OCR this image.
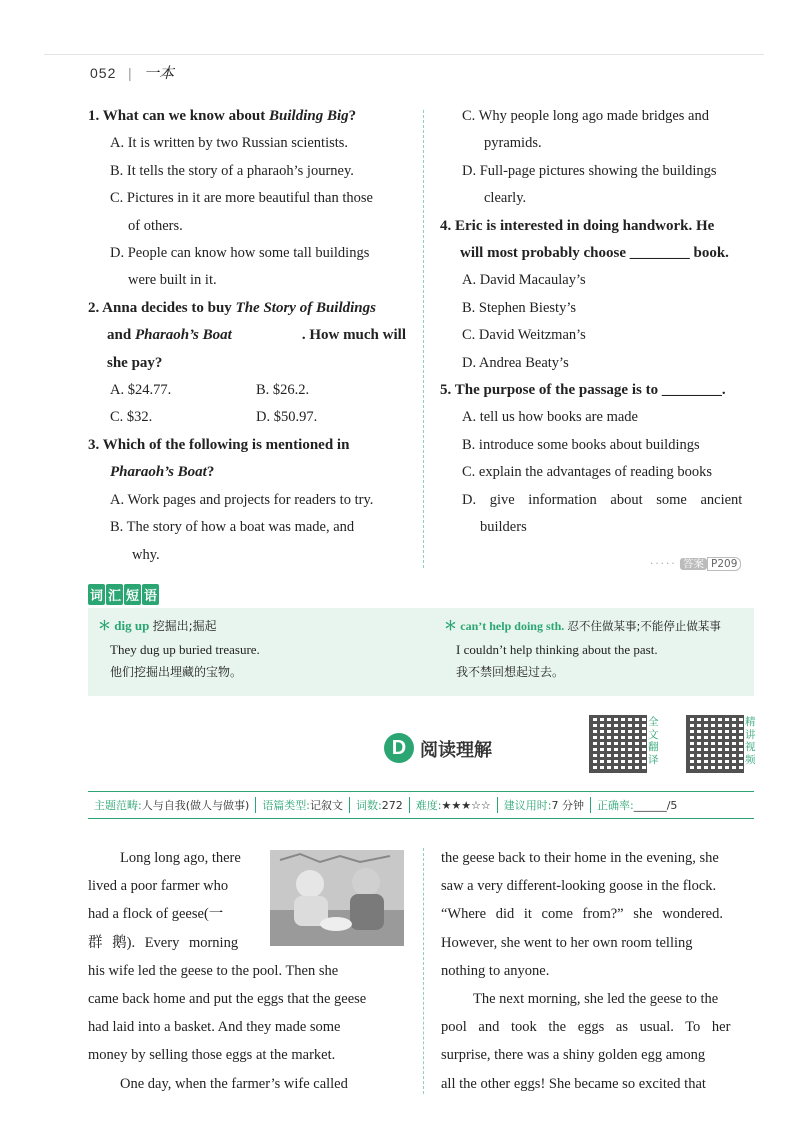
052 | 一本
1. What can we know about Building Big?
A. It is written by two Russian scientists.
B. It tells the story of a pharaoh’s journey.
C. Pictures in it are more beautiful than those
of others.
D. People can know how some tall buildings
were built in it.
2. Anna decides to buy The Story of Buildings
and Pharaoh’s Boat	. How much will
she pay?
A. $24.77.	B. $26.2.
C. $32.	D. $50.97.
3. Which of the following is mentioned in
Pharaoh’s Boat?
A. Work pages and projects for readers to try.
B. The story of how a boat was made, and
why.
C. Why people long ago made bridges and
pyramids.
D. Full-page pictures showing the buildings
clearly.
4. Eric is interested in doing handwork. He
will most probably choose ________ book.
A. David Macaulay’s
B. Stephen Biesty’s
C. David Weitzman’s
D. Andrea Beaty’s
5. The purpose of the passage is to ________.
A. tell us how books are made
B. introduce some books about buildings
C. explain the advantages of reading books
D. give information about some ancient
builders
····· 答案 P209
词 汇 短 语
＊ dig up 挖掘出;掘起
They dug up buried treasure.
他们挖掘出埋藏的宝物。
＊ can’t help doing sth. 忍不住做某事;不能停止做某事
I couldn’t help thinking about the past.
我不禁回想起过去。
D 阅读理解
全
文
翻
译
精
讲
视
频
主题范畴:人与自我(做人与做事)	语篇类型:记叙文	词数:272	难度:★★★☆☆	建议用时:7 分钟	正确率:______/5
Long long ago, there
lived a poor farmer who
had a flock of geese(一
群 鹅). Every morning
his wife led the geese to the pool. Then she
came back home and put the eggs that the geese
had laid into a basket. And they made some
money by selling those eggs at the market.
One day, when the farmer’s wife called
the geese back to their home in the evening, she
saw a very different-looking goose in the flock.
“Where did it come from?” she wondered.
However, she went to her own room telling
nothing to anyone.
The next morning, she led the geese to the
pool and took the eggs as usual. To her
surprise, there was a shiny golden egg among
all the other eggs! She became so excited that
